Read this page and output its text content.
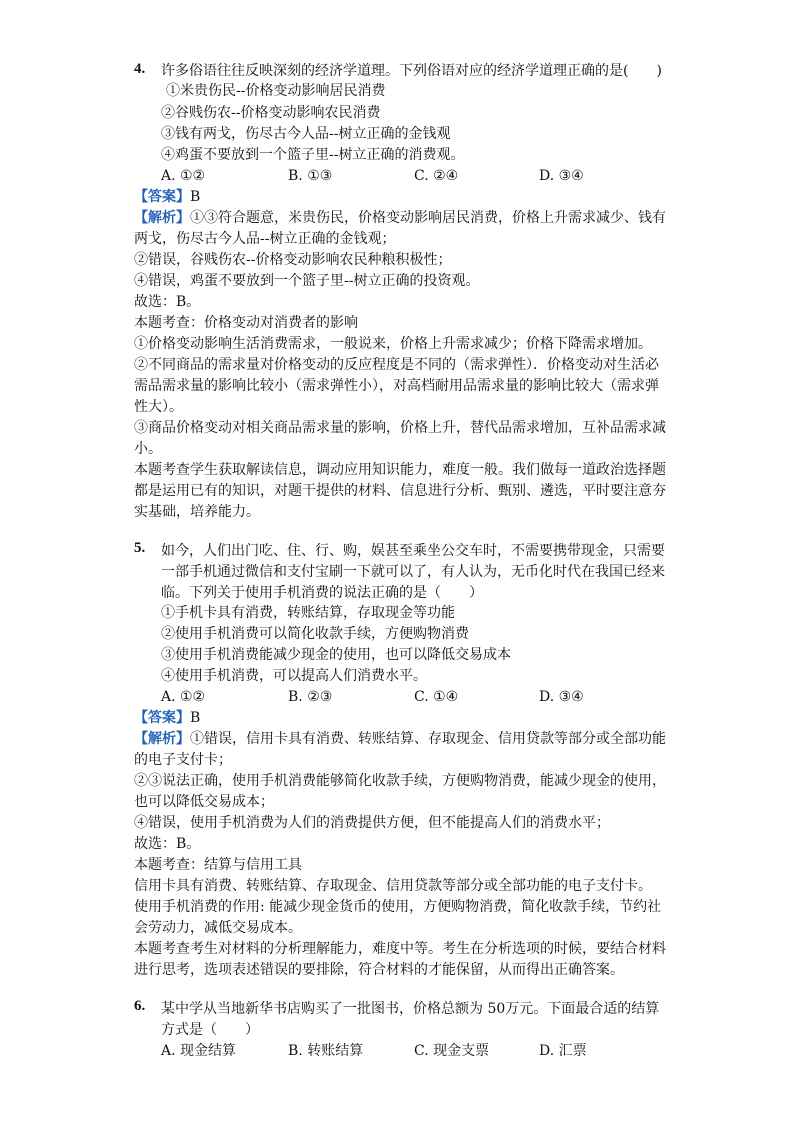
4. 许多俗语往往反映深刻的经济学道理。下列俗语对应的经济学道理正确的是(　　)
①米贵伤民--价格变动影响居民消费
②谷贱伤农--价格变动影响农民消费
③钱有两戈，伤尽古今人品--树立正确的金钱观
④鸡蛋不要放到一个篮子里--树立正确的消费观。
A. ①②	B. ①③	C. ②④	D. ③④
【答案】B
【解析】①③符合题意，米贵伤民，价格变动影响居民消费，价格上升需求减少、钱有
两戈，伤尽古今人品--树立正确的金钱观；
②错误，谷贱伤农--价格变动影响农民种粮积极性；
④错误，鸡蛋不要放到一个篮子里--树立正确的投资观。
故选：B。
本题考查：价格变动对消费者的影响
①价格变动影响生活消费需求，一般说来，价格上升需求减少；价格下降需求增加。
②不同商品的需求量对价格变动的反应程度是不同的（需求弹性）．价格变动对生活必
需品需求量的影响比较小（需求弹性小），对高档耐用品需求量的影响比较大（需求弹
性大）。
③商品价格变动对相关商品需求量的影响，价格上升，替代品需求增加，互补品需求减
小。
本题考查学生获取解读信息，调动应用知识能力，难度一般。我们做每一道政治选择题
都是运用已有的知识，对题干提供的材料、信息进行分析、甄别、遴选，平时要注意夯
实基础，培养能力。
5. 如今，人们出门吃、住、行、购，娱甚至乘坐公交车时，不需要携带现金，只需要
一部手机通过微信和支付宝刷一下就可以了，有人认为，无币化时代在我国已经来
临。下列关于使用手机消费的说法正确的是（　　）
①手机卡具有消费，转账结算，存取现金等功能
②使用手机消费可以简化收款手续，方便购物消费
③使用手机消费能减少现金的使用，也可以降低交易成本
④使用手机消费，可以提高人们消费水平。
A. ①②	B. ②③	C. ①④	D. ③④
【答案】B
【解析】①错误，信用卡具有消费、转账结算、存取现金、信用贷款等部分或全部功能
的电子支付卡；
②③说法正确，使用手机消费能够简化收款手续，方便购物消费，能减少现金的使用，
也可以降低交易成本；
④错误，使用手机消费为人们的消费提供方便，但不能提高人们的消费水平；
故选：B。
本题考查：结算与信用工具
信用卡具有消费、转账结算、存取现金、信用贷款等部分或全部功能的电子支付卡。
使用手机消费的作用: 能减少现金货币的使用，方便购物消费，简化收款手续，节约社
会劳动力，减低交易成本。
本题考查考生对材料的分析理解能力，难度中等。考生在分析选项的时候，要结合材料
进行思考，选项表述错误的要排除，符合材料的才能保留，从而得出正确答案。
6. 某中学从当地新华书店购买了一批图书，价格总额为 50万元。下面最合适的结算
方式是（　　）
A. 现金结算	B. 转账结算	C. 现金支票	D. 汇票
